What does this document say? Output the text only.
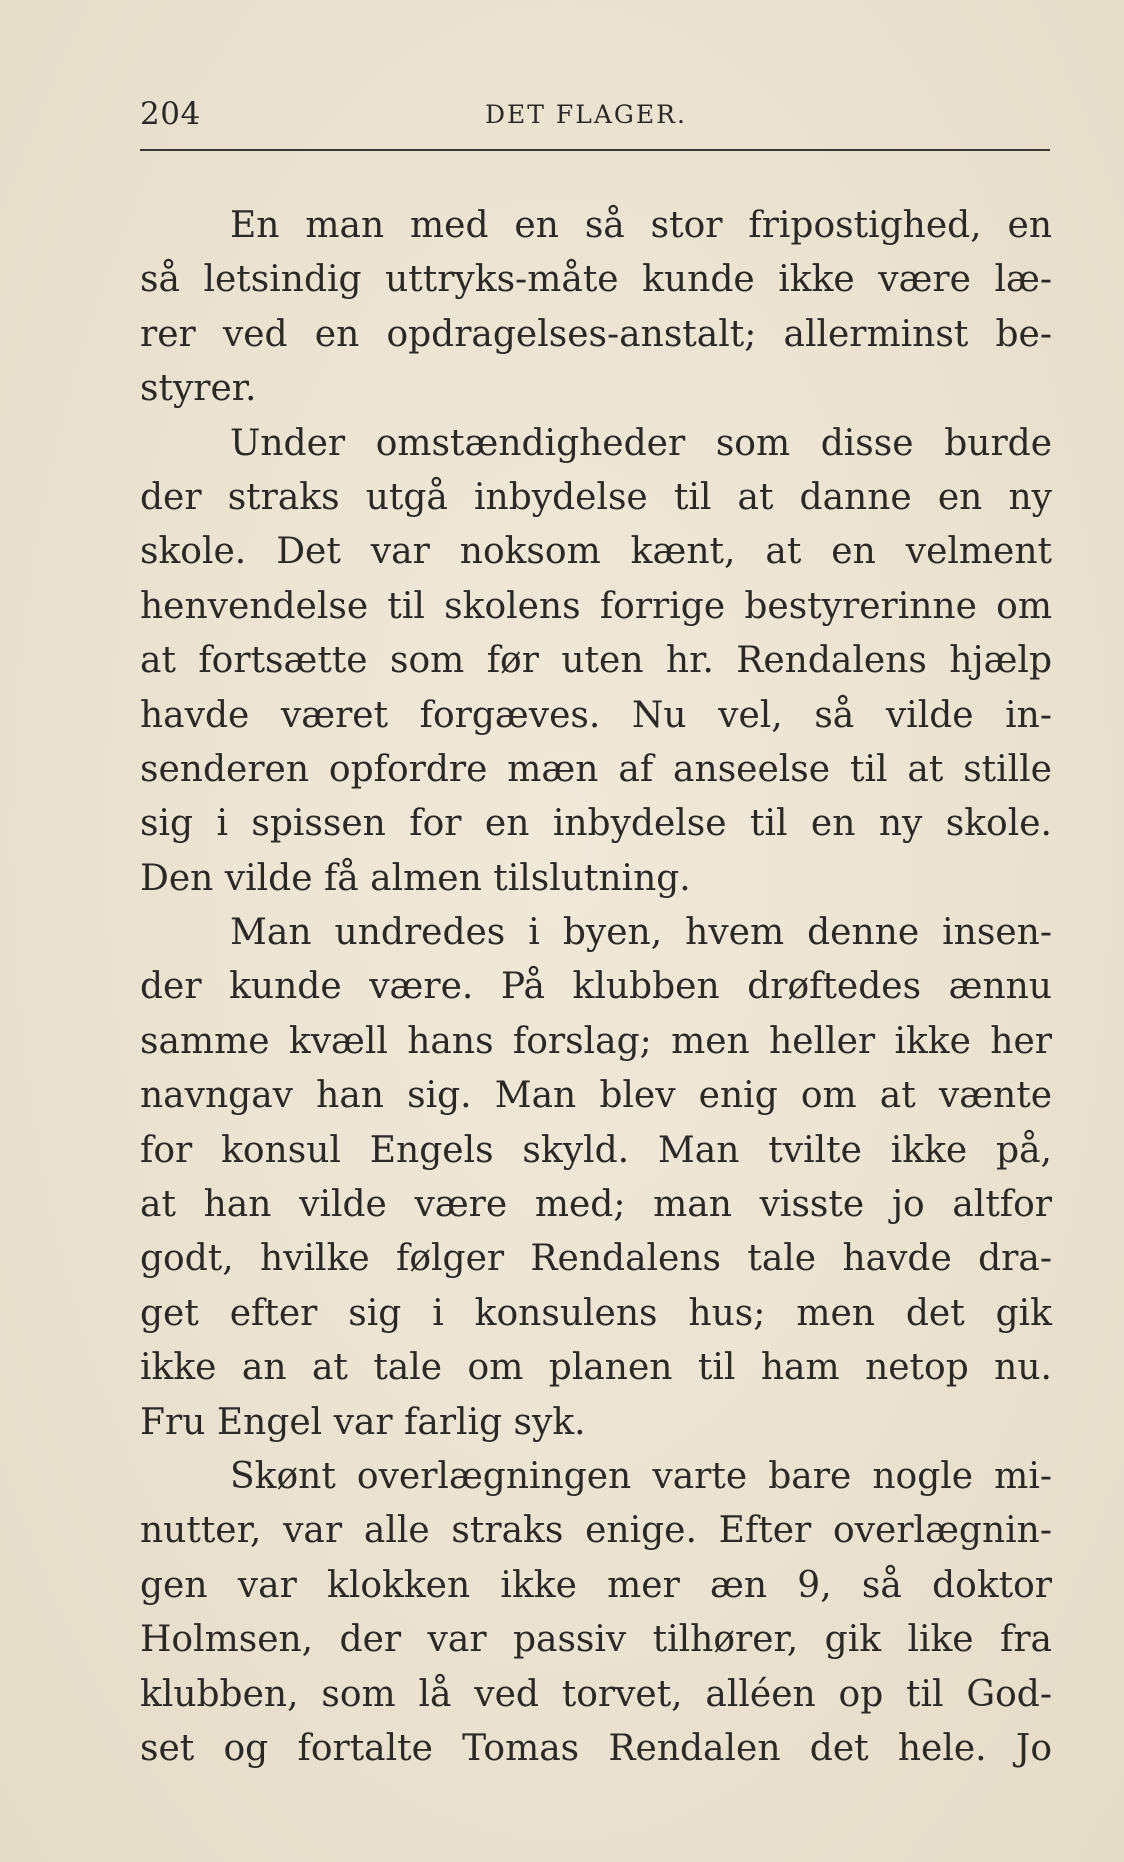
204	DET FLAGER.
En man med en så stor fripostighed, en
så letsindig uttryks-måte kunde ikke være læ-
rer ved en opdragelses-anstalt; allerminst be-
styrer.
Under omstændigheder som disse burde
der straks utgå inbydelse til at danne en ny
skole. Det var noksom kænt, at en velment
henvendelse til skolens forrige bestyrerinne om
at fortsætte som før uten hr. Rendalens hjælp
havde været forgæves. Nu vel, så vilde in-
senderen opfordre mæn af anseelse til at stille
sig i spissen for en inbydelse til en ny skole.
Den vilde få almen tilslutning.
Man undredes i byen, hvem denne insen-
der kunde være. På klubben drøftedes ænnu
samme kvæll hans forslag; men heller ikke her
navngav han sig. Man blev enig om at vænte
for konsul Engels skyld. Man tvilte ikke på,
at han vilde være med; man visste jo altfor
godt, hvilke følger Rendalens tale havde dra-
get efter sig i konsulens hus; men det gik
ikke an at tale om planen til ham netop nu.
Fru Engel var farlig syk.
Skønt overlægningen varte bare nogle mi-
nutter, var alle straks enige. Efter overlægnin-
gen var klokken ikke mer æn 9, så doktor
Holmsen, der var passiv tilhører, gik like fra
klubben, som lå ved torvet, alléen op til God-
set og fortalte Tomas Rendalen det hele. Jo
